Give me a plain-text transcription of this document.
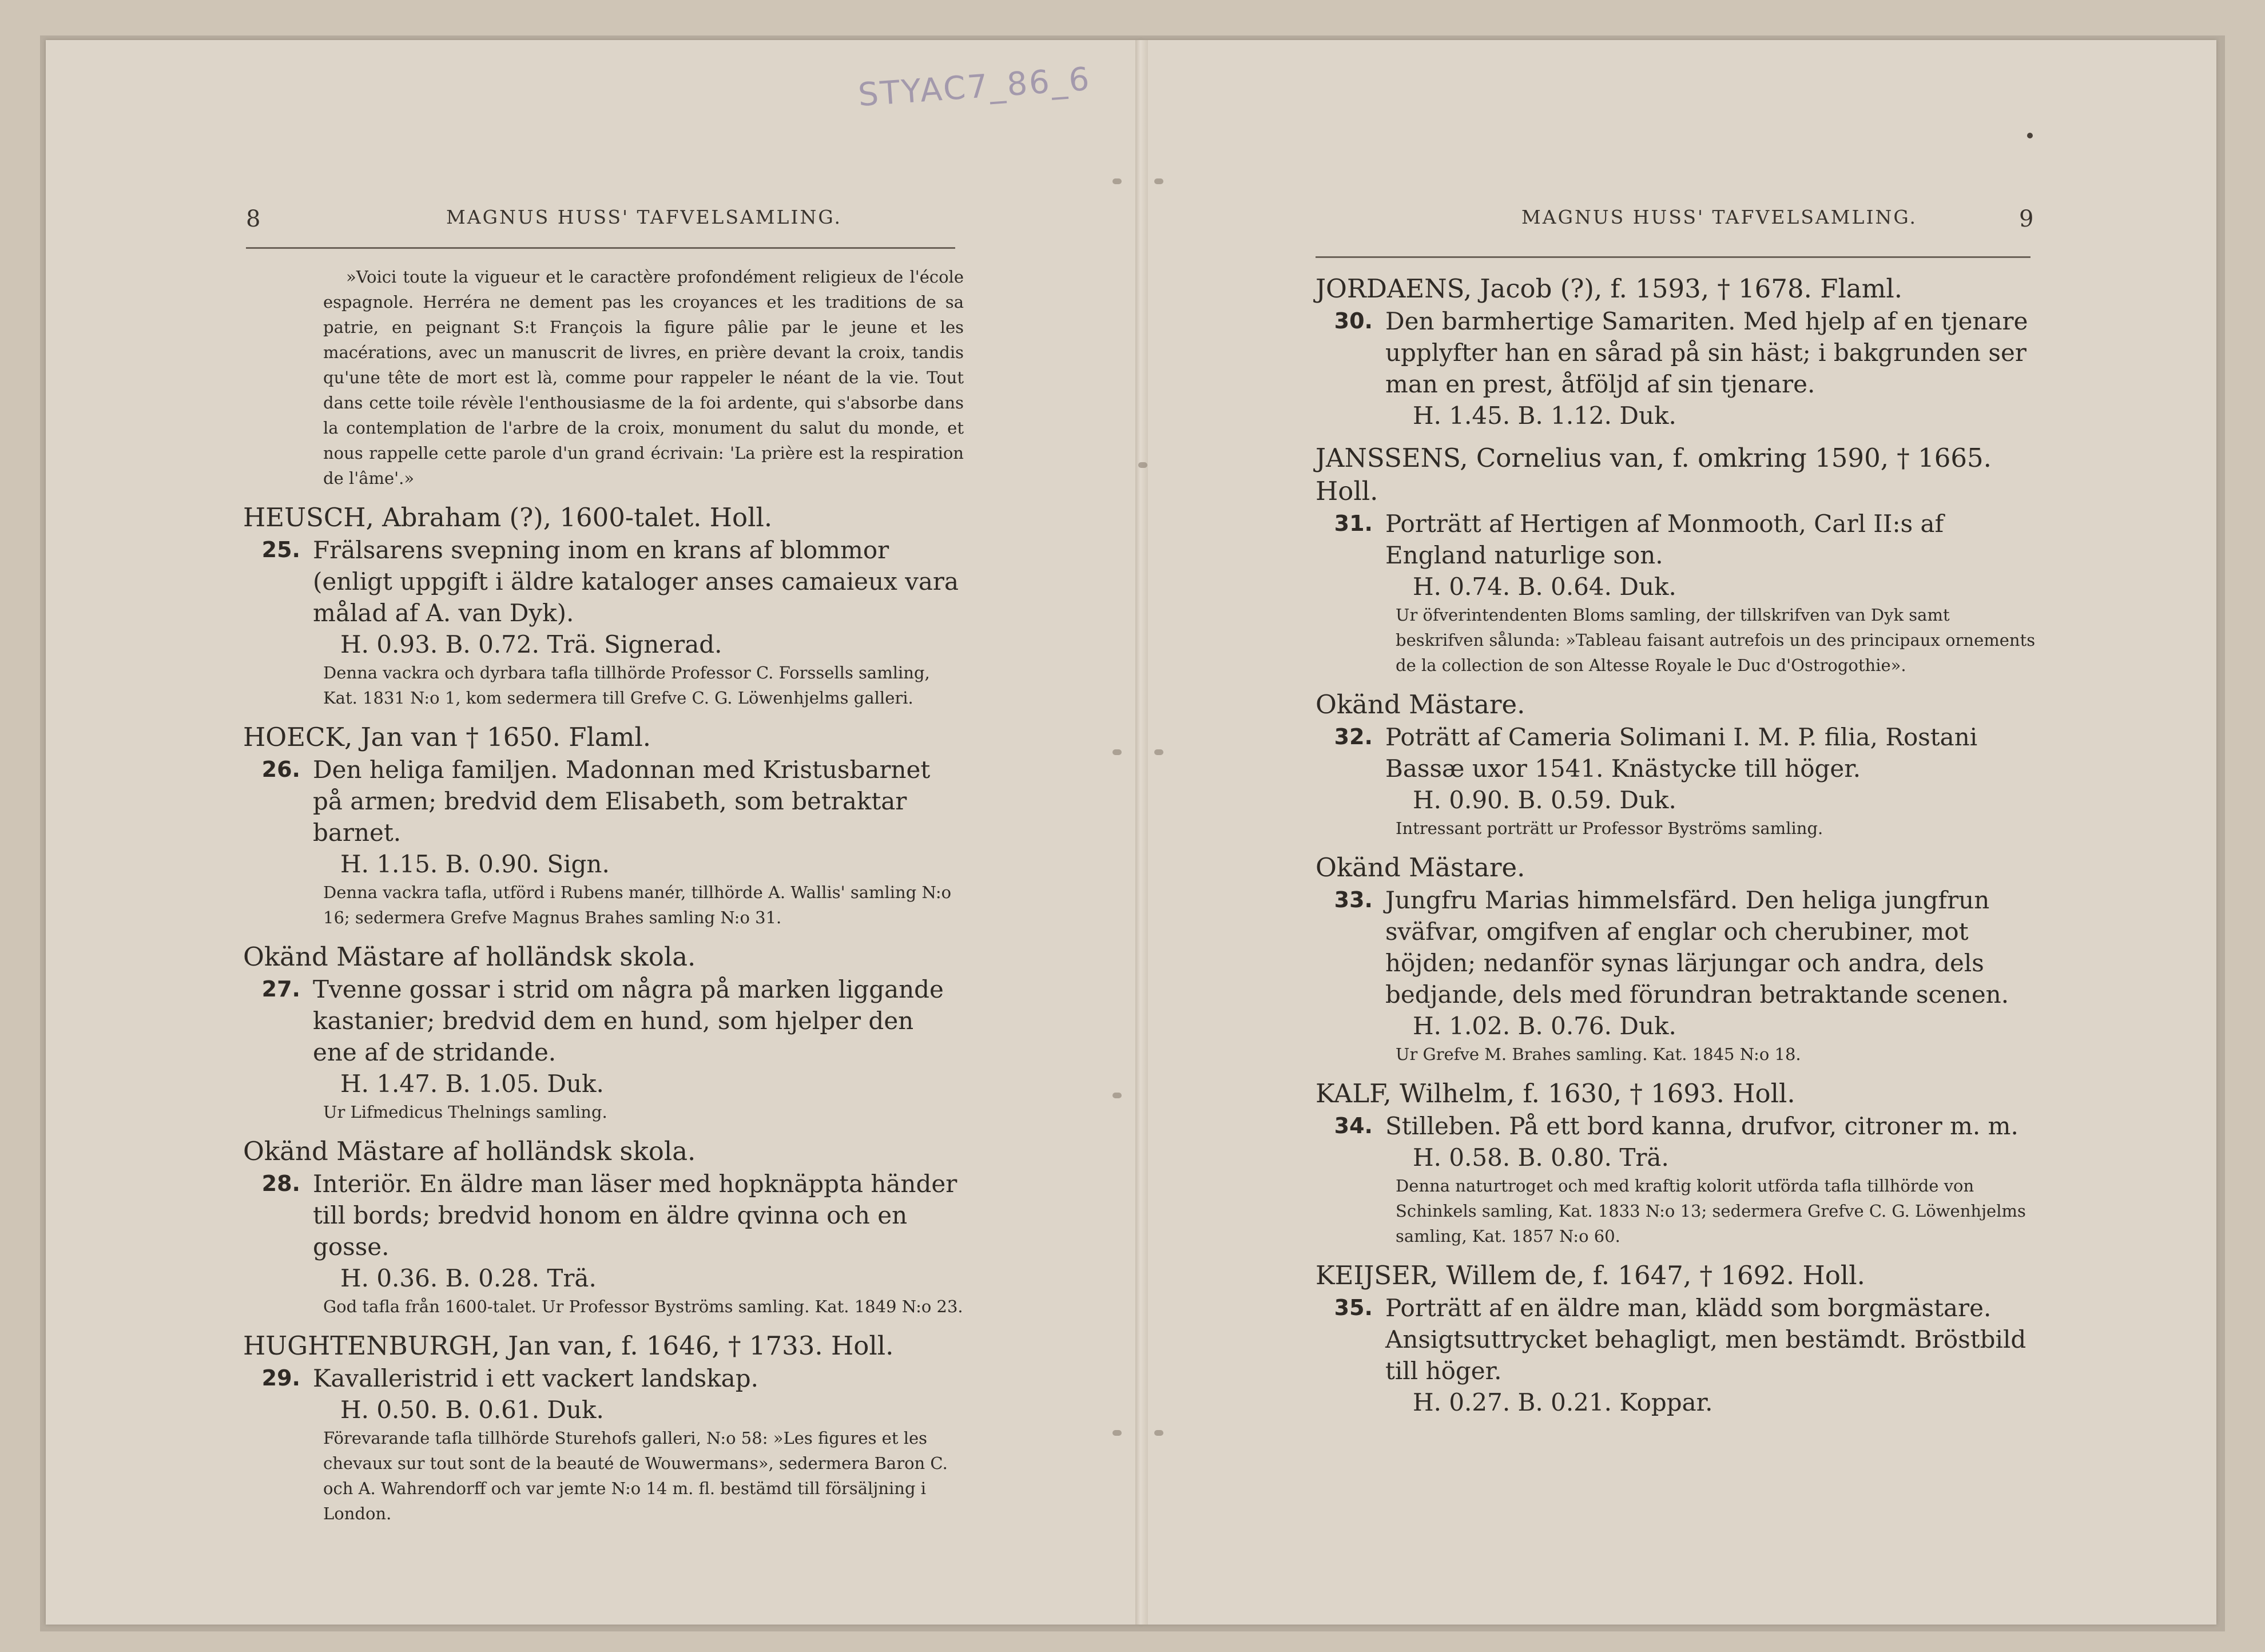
STYAC7_86_6
8	MAGNUS HUSS' TAFVELSAMLING.
»Voici toute la vigueur et le caractère profondément religieux de l'école espagnole. Herréra ne dement pas les croyances et les traditions de sa patrie, en peignant S:t François la figure pâlie par le jeune et les macérations, avec un manuscrit de livres, en prière devant la croix, tandis qu'une tête de mort est là, comme pour rappeler le néant de la vie. Tout dans cette toile révèle l'enthousiasme de la foi ardente, qui s'absorbe dans la contemplation de l'arbre de la croix, monument du salut du monde, et nous rappelle cette parole d'un grand écrivain: 'La prière est la respiration de l'âme'.»
HEUSCH, Abraham (?), 1600-talet. Holl.
25. Frälsarens svepning inom en krans af blommor (enligt uppgift i äldre kataloger anses camaieux vara målad af A. van Dyk).
H. 0.93. B. 0.72. Trä. Signerad.
Denna vackra och dyrbara tafla tillhörde Professor C. Forssells samling, Kat. 1831 N:o 1, kom sedermera till Grefve C. G. Löwenhjelms galleri.
HOECK, Jan van † 1650. Flaml.
26. Den heliga familjen. Madonnan med Kristusbarnet på armen; bredvid dem Elisabeth, som betraktar barnet.
H. 1.15. B. 0.90. Sign.
Denna vackra tafla, utförd i Rubens manér, tillhörde A. Wallis' samling N:o 16; sedermera Grefve Magnus Brahes samling N:o 31.
Okänd Mästare af holländsk skola.
27. Tvenne gossar i strid om några på marken liggande kastanier; bredvid dem en hund, som hjelper den ene af de stridande.
H. 1.47. B. 1.05. Duk.
Ur Lifmedicus Thelnings samling.
Okänd Mästare af holländsk skola.
28. Interiör. En äldre man läser med hopknäppta händer till bords; bredvid honom en äldre qvinna och en gosse.
H. 0.36. B. 0.28. Trä.
God tafla från 1600-talet. Ur Professor Byströms samling. Kat. 1849 N:o 23.
HUGHTENBURGH, Jan van, f. 1646, † 1733. Holl.
29. Kavalleristrid i ett vackert landskap.
H. 0.50. B. 0.61. Duk.
Förevarande tafla tillhörde Sturehofs galleri, N:o 58: »Les figures et les chevaux sur tout sont de la beauté de Wouwermans», sedermera Baron C. och A. Wahrendorff och var jemte N:o 14 m. fl. bestämd till försäljning i London.
MAGNUS HUSS' TAFVELSAMLING.	9
JORDAENS, Jacob (?), f. 1593, † 1678. Flaml.
30. Den barmhertige Samariten. Med hjelp af en tjenare upplyfter han en sårad på sin häst; i bakgrunden ser man en prest, åtföljd af sin tjenare.
H. 1.45. B. 1.12. Duk.
JANSSENS, Cornelius van, f. omkring 1590, † 1665. Holl.
31. Porträtt af Hertigen af Monmooth, Carl II:s af England naturlige son.
H. 0.74. B. 0.64. Duk.
Ur öfverintendenten Bloms samling, der tillskrifven van Dyk samt beskrifven sålunda: »Tableau faisant autrefois un des principaux ornements de la collection de son Altesse Royale le Duc d'Ostrogothie».
Okänd Mästare.
32. Poträtt af Cameria Solimani I. M. P. filia, Rostani Bassæ uxor 1541. Knästycke till höger.
H. 0.90. B. 0.59. Duk.
Intressant porträtt ur Professor Byströms samling.
Okänd Mästare.
33. Jungfru Marias himmelsfärd. Den heliga jungfrun sväfvar, omgifven af englar och cherubiner, mot höjden; nedanför synas lärjungar och andra, dels bedjande, dels med förundran betraktande scenen.
H. 1.02. B. 0.76. Duk.
Ur Grefve M. Brahes samling. Kat. 1845 N:o 18.
KALF, Wilhelm, f. 1630, † 1693. Holl.
34. Stilleben. På ett bord kanna, drufvor, citroner m. m.
H. 0.58. B. 0.80. Trä.
Denna naturtroget och med kraftig kolorit utförda tafla tillhörde von Schinkels samling, Kat. 1833 N:o 13; sedermera Grefve C. G. Löwenhjelms samling, Kat. 1857 N:o 60.
KEIJSER, Willem de, f. 1647, † 1692. Holl.
35. Porträtt af en äldre man, klädd som borgmästare. Ansigtsuttrycket behagligt, men bestämdt. Bröstbild till höger.
H. 0.27. B. 0.21. Koppar.
